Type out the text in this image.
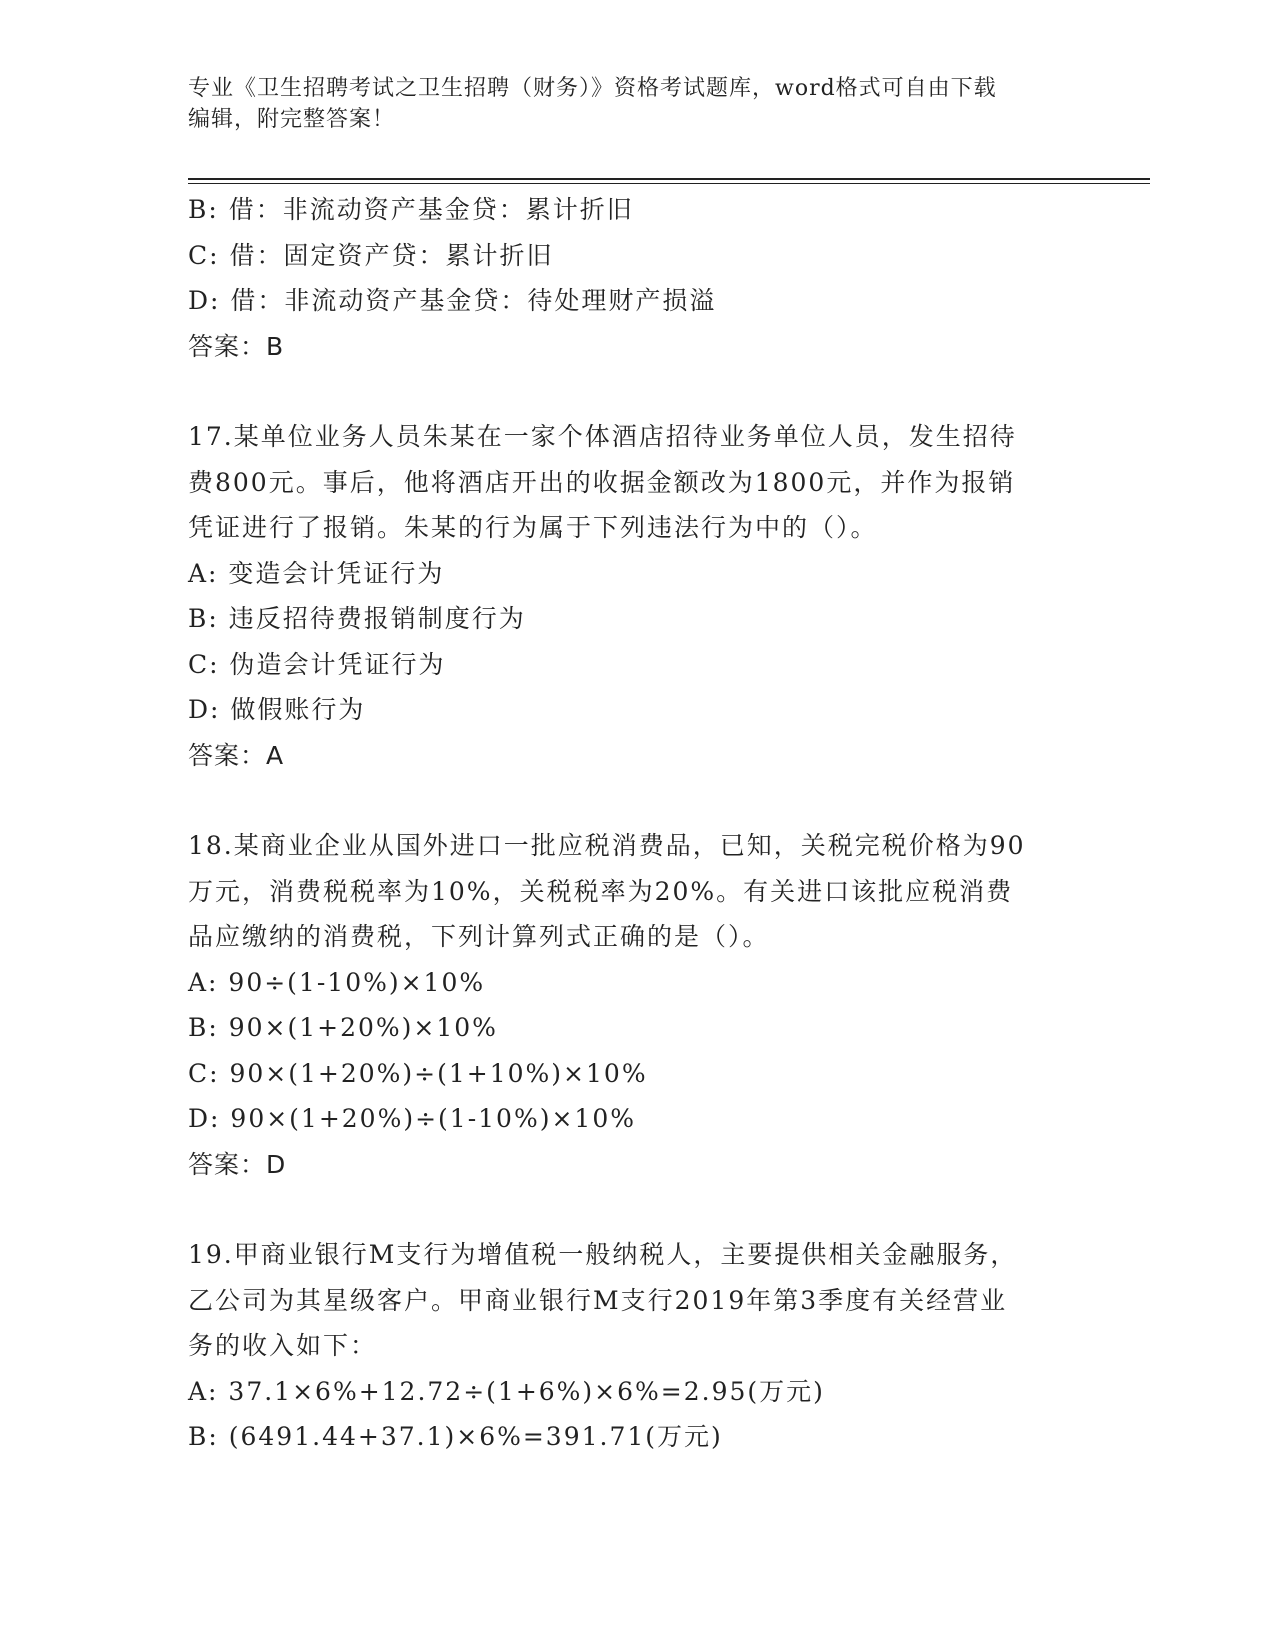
专业《卫生招聘考试之卫生招聘（财务）》资格考试题库，word格式可自由下载
编辑，附完整答案！
B: 借：非流动资产基金贷：累计折旧
C: 借：固定资产贷：累计折旧
D: 借：非流动资产基金贷：待处理财产损溢
答案：B
17.某单位业务人员朱某在一家个体酒店招待业务单位人员，发生招待
费800元。事后，他将酒店开出的收据金额改为1800元，并作为报销
凭证进行了报销。朱某的行为属于下列违法行为中的（）。
A: 变造会计凭证行为
B: 违反招待费报销制度行为
C: 伪造会计凭证行为
D: 做假账行为
答案：A
18.某商业企业从国外进口一批应税消费品，已知，关税完税价格为90
万元，消费税税率为10%，关税税率为20%。有关进口该批应税消费
品应缴纳的消费税，下列计算列式正确的是（）。
A: 90÷(1-10%)×10%
B: 90×(1+20%)×10%
C: 90×(1+20%)÷(1+10%)×10%
D: 90×(1+20%)÷(1-10%)×10%
答案：D
19.甲商业银行M支行为增值税一般纳税人，主要提供相关金融服务，
乙公司为其星级客户。甲商业银行M支行2019年第3季度有关经营业
务的收入如下：
A: 37.1×6%+12.72÷(1+6%)×6%=2.95(万元)
B: (6491.44+37.1)×6%=391.71(万元)
